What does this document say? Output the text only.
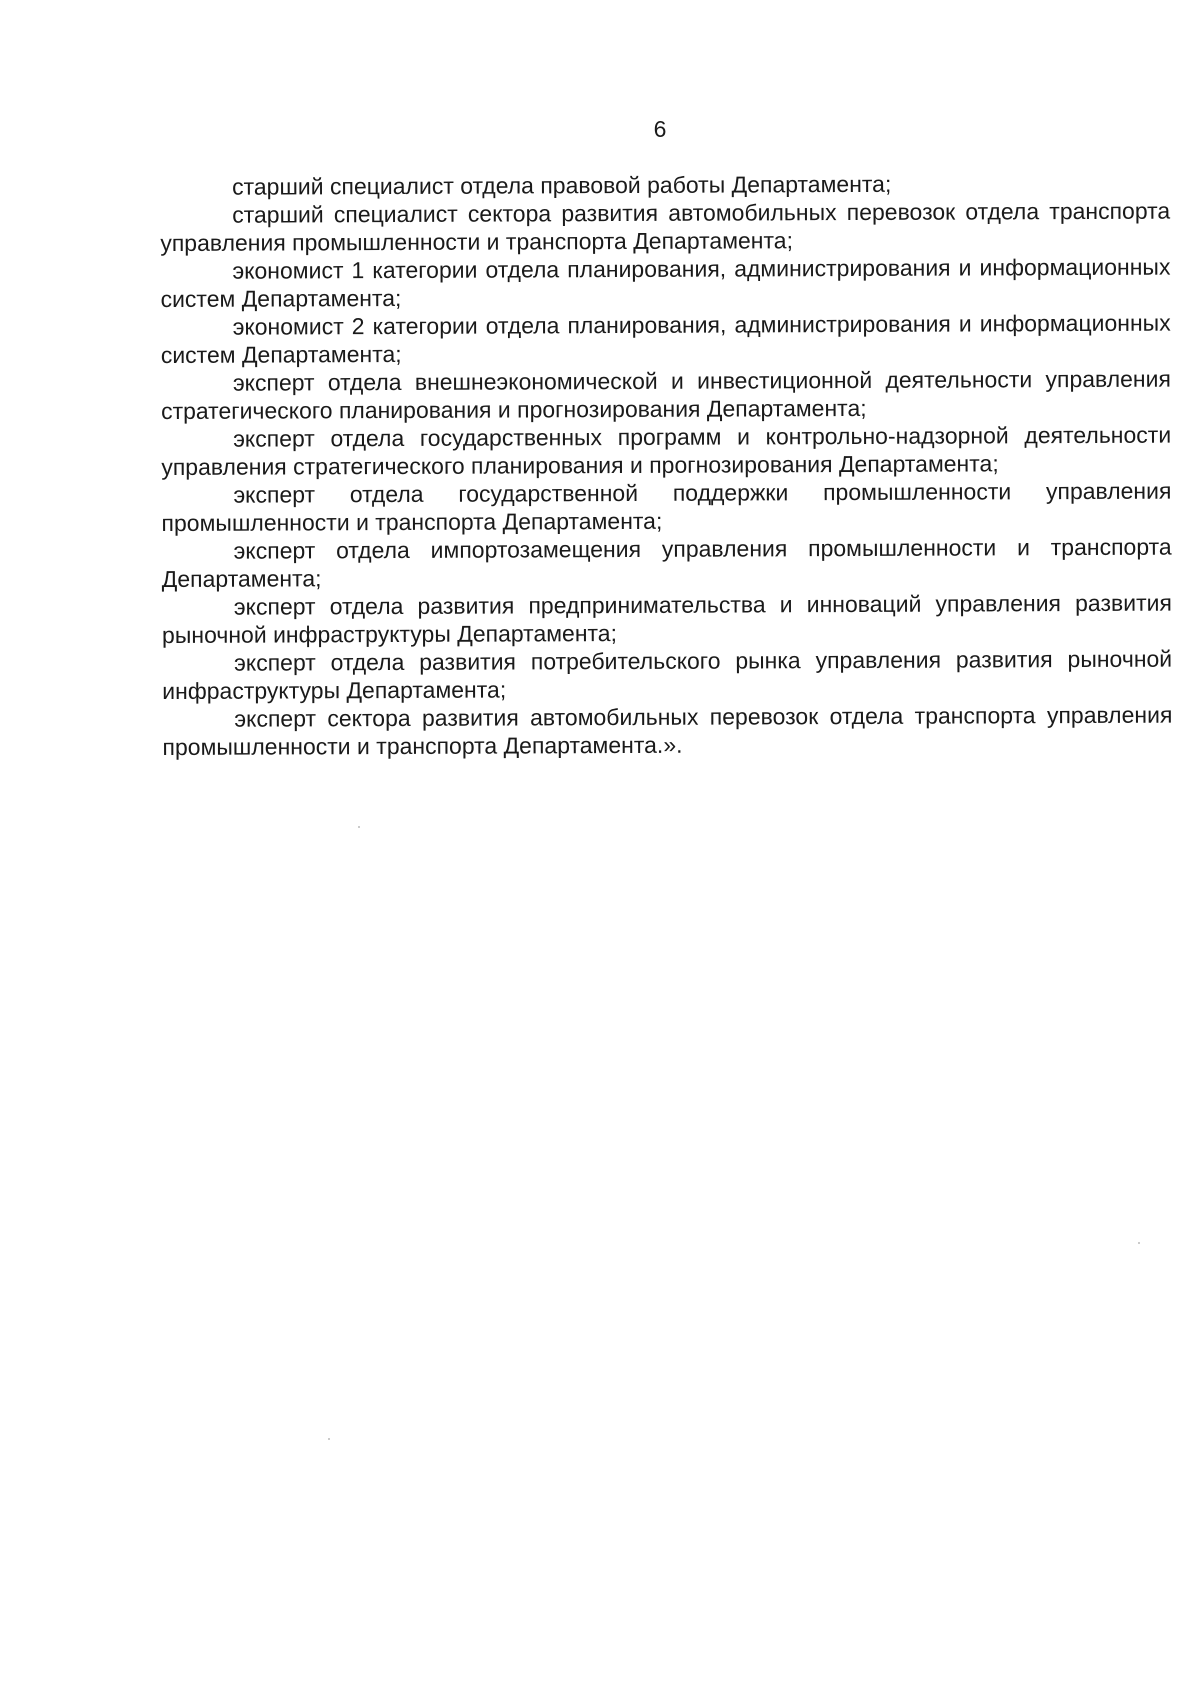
6

старший специалист отдела правовой работы Департамента;

старший специалист сектора развития автомобильных перевозок отдела транспорта управления промышленности и транспорта Департамента;

экономист 1 категории отдела планирования, администрирования и информационных систем Департамента;

экономист 2 категории отдела планирования, администрирования и информационных систем Департамента;

эксперт отдела внешнеэкономической и инвестиционной деятельности управления стратегического планирования и прогнозирования Департамента;

эксперт отдела государственных программ и контрольно-надзорной деятельности управления стратегического планирования и прогнозирования Департамента;

эксперт отдела государственной поддержки промышленности управления промышленности и транспорта Департамента;

эксперт отдела импортозамещения управления промышленности и транспорта Департамента;

эксперт отдела развития предпринимательства и инноваций управления развития рыночной инфраструктуры Департамента;

эксперт отдела развития потребительского рынка управления развития рыночной инфраструктуры Департамента;

эксперт сектора развития автомобильных перевозок отдела транспорта управления промышленности и транспорта Департамента.».
